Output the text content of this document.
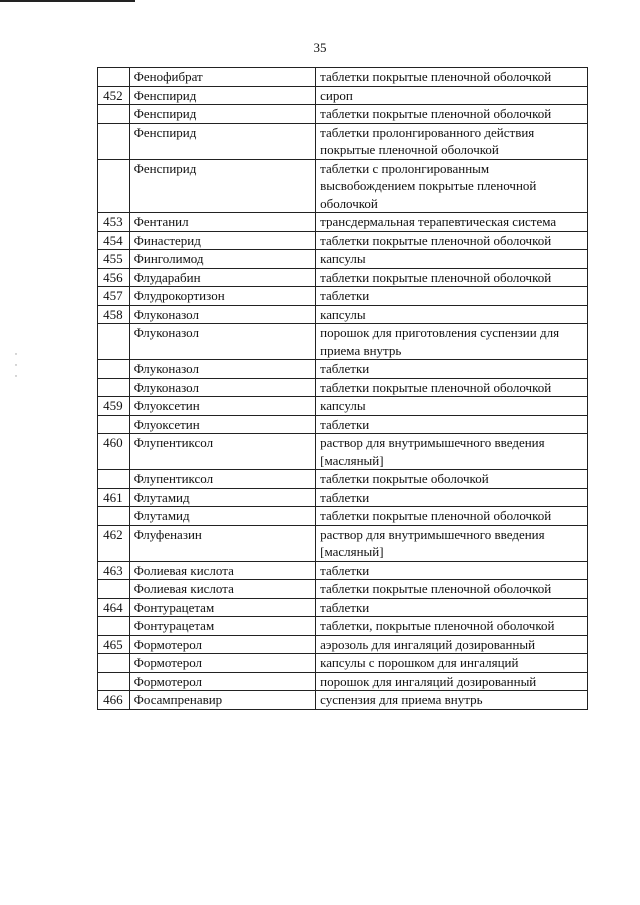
35
	Фенофибрат	таблетки покрытые пленочной оболочкой
452	Фенспирид	сироп
	Фенспирид	таблетки покрытые пленочной оболочкой
	Фенспирид	таблетки пролонгированного действия покрытые пленочной оболочкой
	Фенспирид	таблетки с пролонгированным высвобождением покрытые пленочной оболочкой
453	Фентанил	трансдермальная терапевтическая система
454	Финастерид	таблетки покрытые пленочной оболочкой
455	Финголимод	капсулы
456	Флударабин	таблетки покрытые пленочной оболочкой
457	Флудрокортизон	таблетки
458	Флуконазол	капсулы
	Флуконазол	порошок для приготовления суспензии для приема внутрь
	Флуконазол	таблетки
	Флуконазол	таблетки покрытые пленочной оболочкой
459	Флуоксетин	капсулы
	Флуоксетин	таблетки
460	Флупентиксол	раствор для внутримышечного введения [масляный]
	Флупентиксол	таблетки покрытые оболочкой
461	Флутамид	таблетки
	Флутамид	таблетки покрытые пленочной оболочкой
462	Флуфеназин	раствор для внутримышечного введения [масляный]
463	Фолиевая кислота	таблетки
	Фолиевая кислота	таблетки покрытые пленочной оболочкой
464	Фонтурацетам	таблетки
	Фонтурацетам	таблетки, покрытые пленочной оболочкой
465	Формотерол	аэрозоль для ингаляций дозированный
	Формотерол	капсулы с порошком для ингаляций
	Формотерол	порошок для ингаляций дозированный
466	Фосампренавир	суспензия для приема внутрь
